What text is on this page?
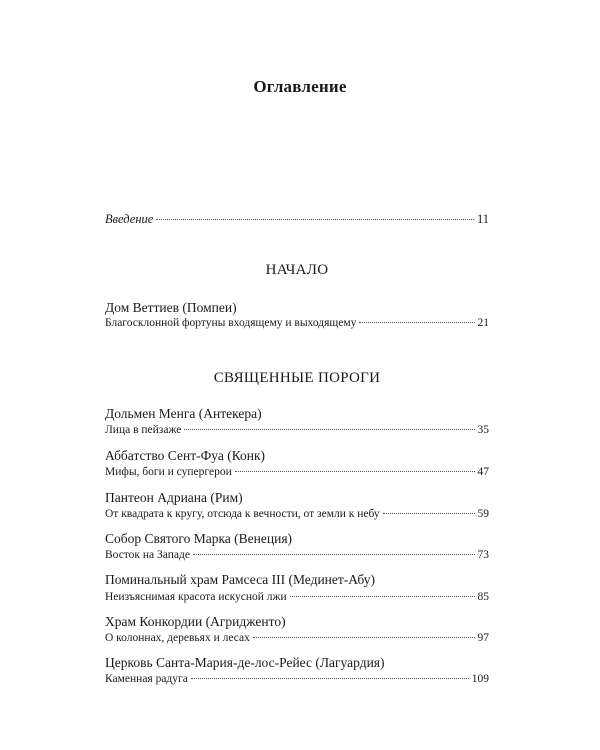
Оглавление
Введение	11
НАЧАЛО
Дом Веттиев (Помпеи)
Благосклонной фортуны входящему и выходящему	21
СВЯЩЕННЫЕ ПОРОГИ
Дольмен Менга (Антекера)
Лица в пейзаже	35
Аббатство Сент-Фуа (Конк)
Мифы, боги и супергерои	47
Пантеон Адриана (Рим)
От квадрата к кругу, отсюда к вечности, от земли к небу	59
Собор Святого Марка (Венеция)
Восток на Западе	73
Поминальный храм Рамсеса III (Мединет-Абу)
Неизъяснимая красота искусной лжи	85
Храм Конкордии (Агридженто)
О колоннах, деревьях и лесах	97
Церковь Санта-Мария-де-лос-Рейес (Лагуардия)
Каменная радуга	109
